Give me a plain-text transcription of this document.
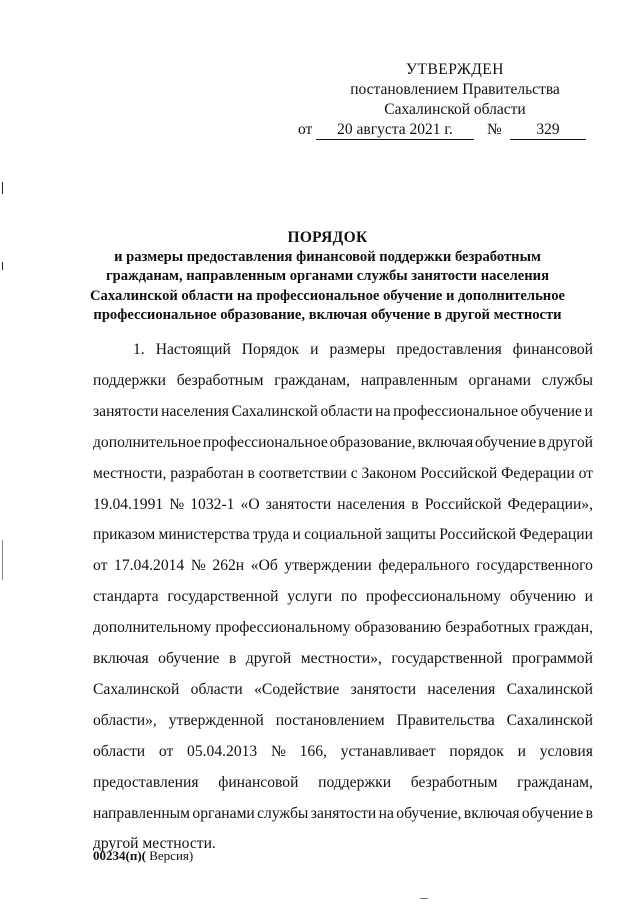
УТВЕРЖДЕН
постановлением Правительства
Сахалинской области
от	20 августа 2021 г.	№	329
ПОРЯДОК
и размеры предоставления финансовой поддержки безработным
гражданам, направленным органами службы занятости населения
Сахалинской области на профессиональное обучение и дополнительное
профессиональное образование, включая обучение в другой местности
1. Настоящий Порядок и размеры предоставления финансовой
поддержки безработным гражданам, направленным органами службы
занятости населения Сахалинской области на профессиональное обучение и
дополнительное профессиональное образование, включая обучение в другой
местности, разработан в соответствии с Законом Российской Федерации от
19.04.1991 № 1032-1 «О занятости населения в Российской Федерации»,
приказом министерства труда и социальной защиты Российской Федерации
от 17.04.2014 № 262н «Об утверждении федерального государственного
стандарта государственной услуги по профессиональному обучению и
дополнительному профессиональному образованию безработных граждан,
включая обучение в другой местности», государственной программой
Сахалинской области «Содействие занятости населения Сахалинской
области», утвержденной постановлением Правительства Сахалинской
области от 05.04.2013 № 166, устанавливает порядок и условия
предоставления финансовой поддержки безработным гражданам,
направленным органами службы занятости на обучение, включая обучение в
другой
местности.
00234(п)( Версия)
